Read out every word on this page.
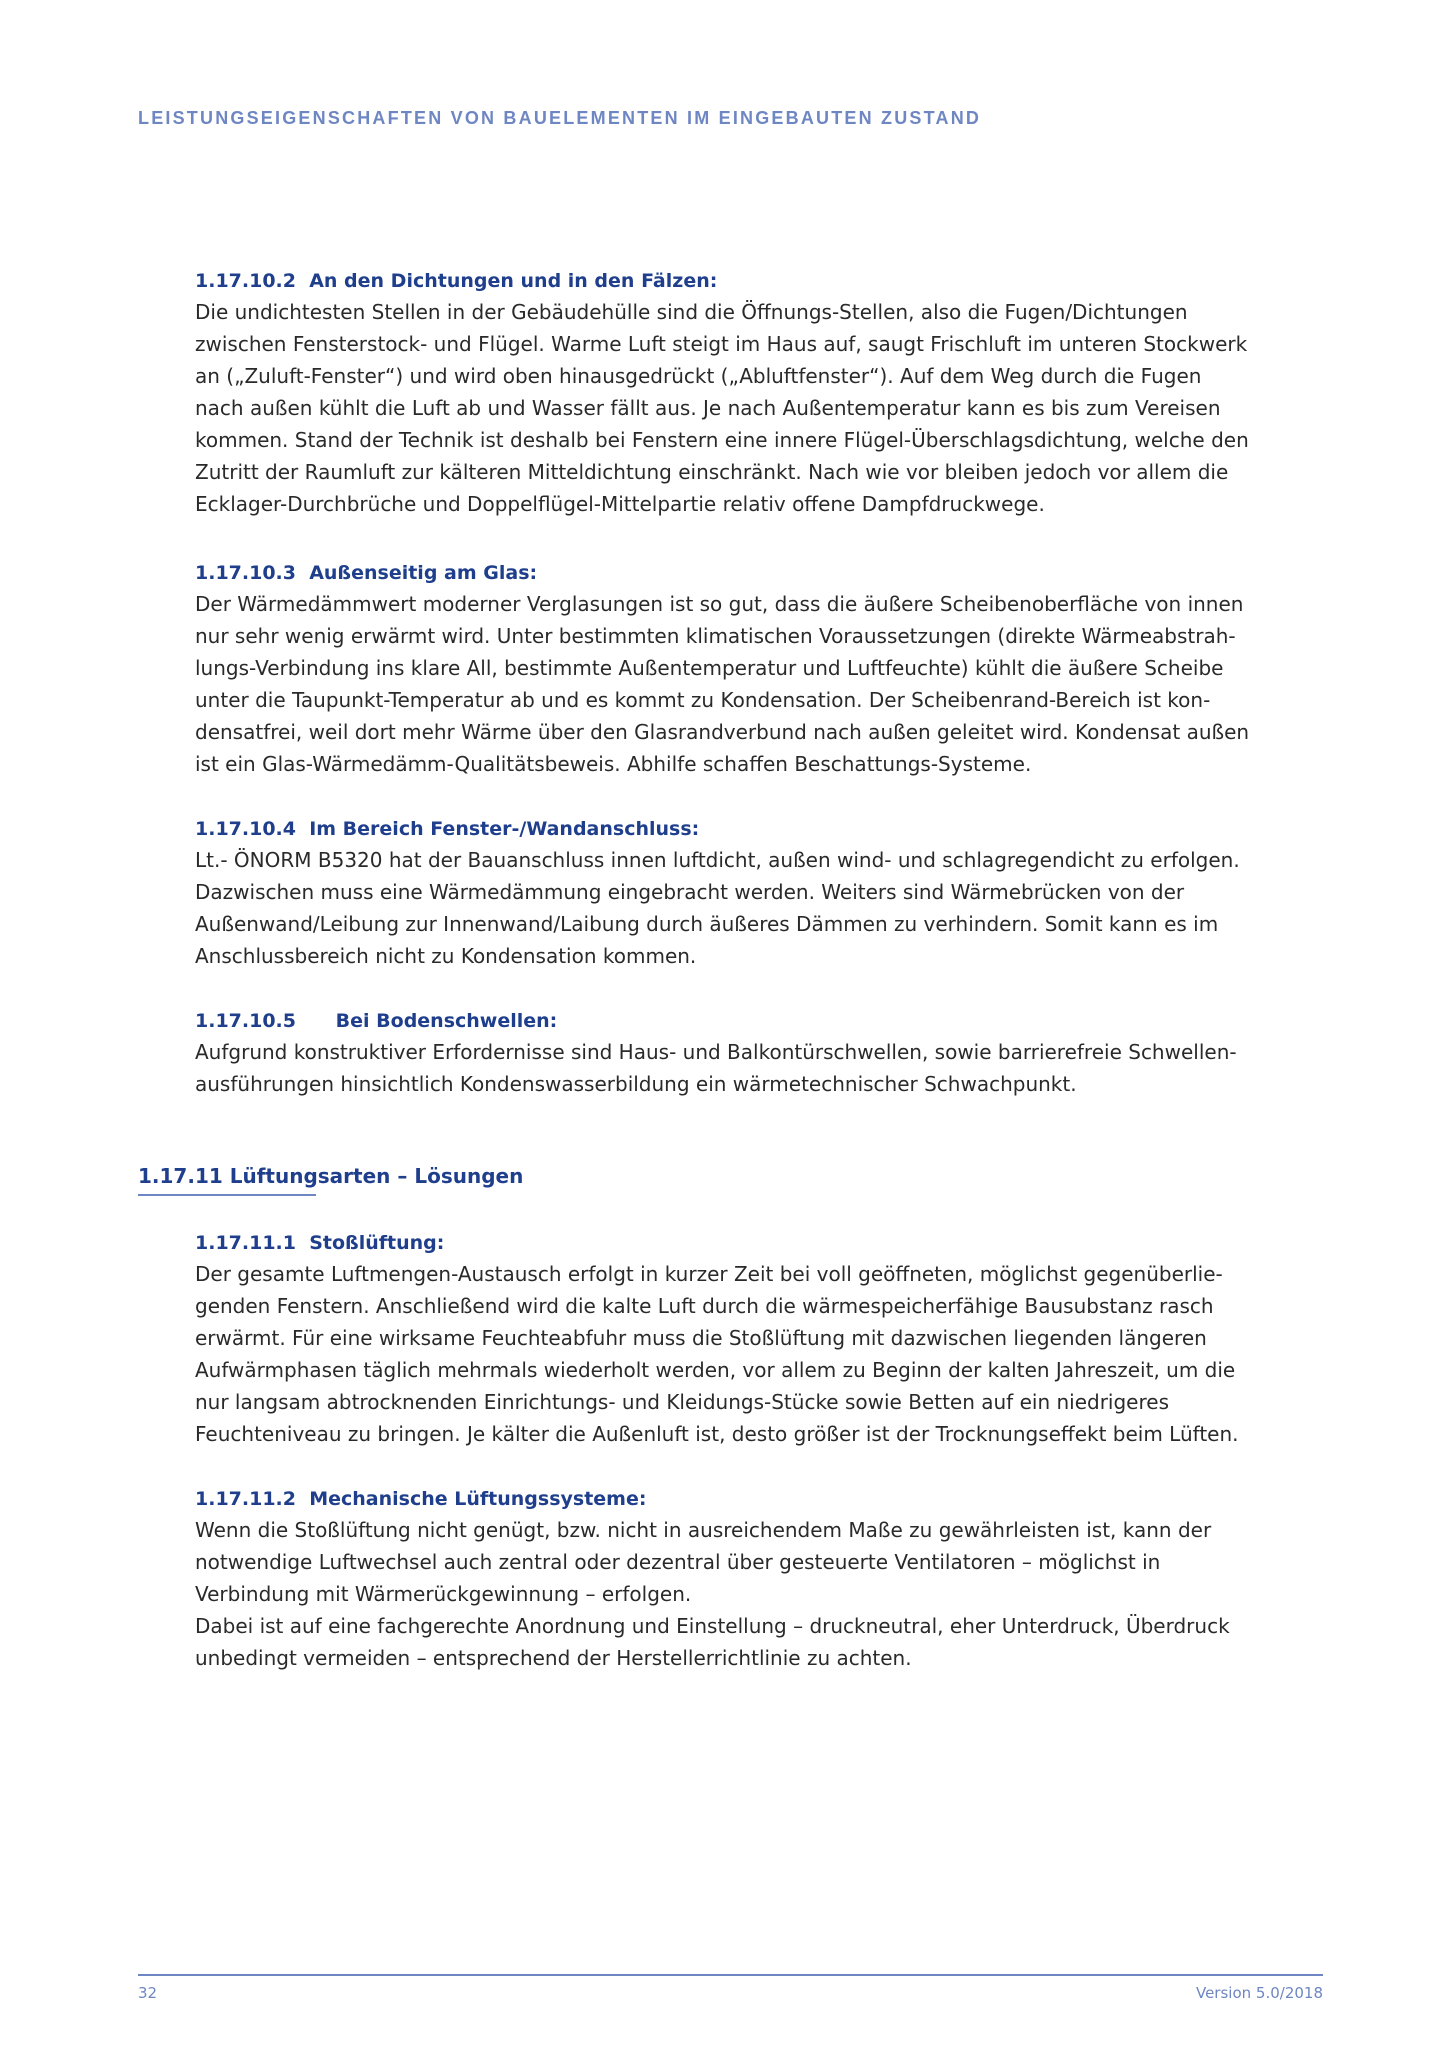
LEISTUNGSEIGENSCHAFTEN VON BAUELEMENTEN IM EINGEBAUTEN ZUSTAND
1.17.10.2  An den Dichtungen und in den Fälzen:

Die undichtesten Stellen in der Gebäudehülle sind die Öffnungs-Stellen, also die Fugen/Dichtungen

zwischen Fensterstock- und Flügel. Warme Luft steigt im Haus auf, saugt Frischluft im unteren Stockwerk

an („Zuluft-Fenster“) und wird oben hinausgedrückt („Abluftfenster“). Auf dem Weg durch die Fugen

nach außen kühlt die Luft ab und Wasser fällt aus. Je nach Außentemperatur kann es bis zum Vereisen

kommen. Stand der Technik ist deshalb bei Fenstern eine innere Flügel-Überschlagsdichtung, welche den

Zutritt der Raumluft zur kälteren Mitteldichtung einschränkt. Nach wie vor bleiben jedoch vor allem die

Ecklager-Durchbrüche und Doppelflügel-Mittelpartie relativ offene Dampfdruckwege.

1.17.10.3  Außenseitig am Glas:

Der Wärmedämmwert moderner Verglasungen ist so gut, dass die äußere Scheibenoberfläche von innen

nur sehr wenig erwärmt wird. Unter bestimmten klimatischen Voraussetzungen (direkte Wärmeabstrah-

lungs-Verbindung ins klare All, bestimmte Außentemperatur und Luftfeuchte) kühlt die äußere Scheibe

unter die Taupunkt-Temperatur ab und es kommt zu Kondensation. Der Scheibenrand-Bereich ist kon-

densatfrei, weil dort mehr Wärme über den Glasrandverbund nach außen geleitet wird. Kondensat außen

ist ein Glas-Wärmedämm-Qualitätsbeweis. Abhilfe schaffen Beschattungs-Systeme.

1.17.10.4  Im Bereich Fenster-/Wandanschluss:

Lt.- ÖNORM B5320 hat der Bauanschluss innen luftdicht, außen wind- und schlagregendicht zu erfolgen.

Dazwischen muss eine Wärmedämmung eingebracht werden. Weiters sind Wärmebrücken von der

Außenwand/Leibung zur Innenwand/Laibung durch äußeres Dämmen zu verhindern. Somit kann es im

Anschlussbereich nicht zu Kondensation kommen.

1.17.10.5      Bei Bodenschwellen:

Aufgrund konstruktiver Erfordernisse sind Haus- und Balkontürschwellen, sowie barrierefreie Schwellen-

ausführungen hinsichtlich Kondenswasserbildung ein wärmetechnischer Schwachpunkt.

1.17.11 Lüftungsarten – Lösungen
1.17.11.1  Stoßlüftung:

Der gesamte Luftmengen-Austausch erfolgt in kurzer Zeit bei voll geöffneten, möglichst gegenüberlie-

genden Fenstern. Anschließend wird die kalte Luft durch die wärmespeicherfähige Bausubstanz rasch

erwärmt. Für eine wirksame Feuchteabfuhr muss die Stoßlüftung mit dazwischen liegenden längeren

Aufwärmphasen täglich mehrmals wiederholt werden, vor allem zu Beginn der kalten Jahreszeit, um die

nur langsam abtrocknenden Einrichtungs- und Kleidungs-Stücke sowie Betten auf ein niedrigeres

Feuchteniveau zu bringen. Je kälter die Außenluft ist, desto größer ist der Trocknungseffekt beim Lüften.

1.17.11.2  Mechanische Lüftungssysteme:

Wenn die Stoßlüftung nicht genügt, bzw. nicht in ausreichendem Maße zu gewährleisten ist, kann der

notwendige Luftwechsel auch zentral oder dezentral über gesteuerte Ventilatoren – möglichst in

Verbindung mit Wärmerückgewinnung – erfolgen.

Dabei ist auf eine fachgerechte Anordnung und Einstellung – druckneutral, eher Unterdruck, Überdruck

unbedingt vermeiden – entsprechend der Herstellerrichtlinie zu achten.

32	Version 5.0/2018
